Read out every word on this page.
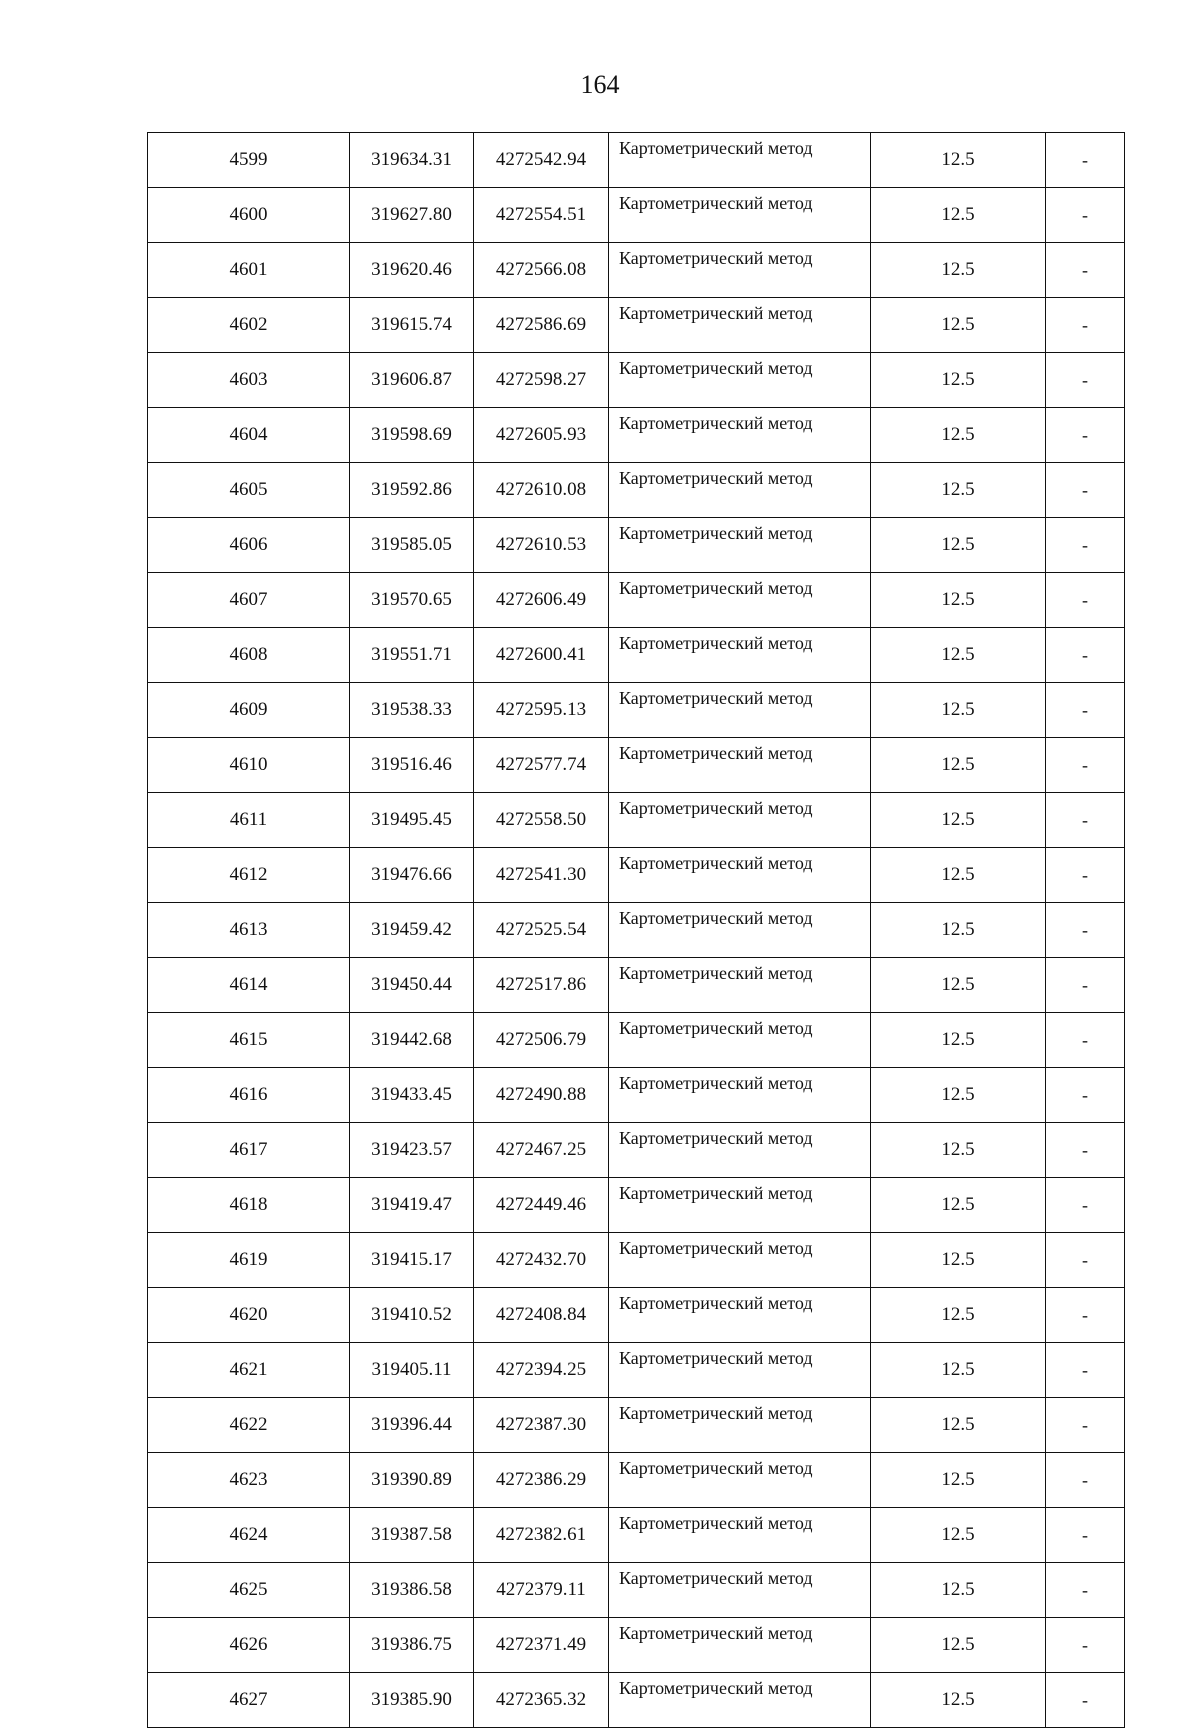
164
4599	319634.31	4272542.94	Картометрический метод	12.5	-
4600	319627.80	4272554.51	Картометрический метод	12.5	-
4601	319620.46	4272566.08	Картометрический метод	12.5	-
4602	319615.74	4272586.69	Картометрический метод	12.5	-
4603	319606.87	4272598.27	Картометрический метод	12.5	-
4604	319598.69	4272605.93	Картометрический метод	12.5	-
4605	319592.86	4272610.08	Картометрический метод	12.5	-
4606	319585.05	4272610.53	Картометрический метод	12.5	-
4607	319570.65	4272606.49	Картометрический метод	12.5	-
4608	319551.71	4272600.41	Картометрический метод	12.5	-
4609	319538.33	4272595.13	Картометрический метод	12.5	-
4610	319516.46	4272577.74	Картометрический метод	12.5	-
4611	319495.45	4272558.50	Картометрический метод	12.5	-
4612	319476.66	4272541.30	Картометрический метод	12.5	-
4613	319459.42	4272525.54	Картометрический метод	12.5	-
4614	319450.44	4272517.86	Картометрический метод	12.5	-
4615	319442.68	4272506.79	Картометрический метод	12.5	-
4616	319433.45	4272490.88	Картометрический метод	12.5	-
4617	319423.57	4272467.25	Картометрический метод	12.5	-
4618	319419.47	4272449.46	Картометрический метод	12.5	-
4619	319415.17	4272432.70	Картометрический метод	12.5	-
4620	319410.52	4272408.84	Картометрический метод	12.5	-
4621	319405.11	4272394.25	Картометрический метод	12.5	-
4622	319396.44	4272387.30	Картометрический метод	12.5	-
4623	319390.89	4272386.29	Картометрический метод	12.5	-
4624	319387.58	4272382.61	Картометрический метод	12.5	-
4625	319386.58	4272379.11	Картометрический метод	12.5	-
4626	319386.75	4272371.49	Картометрический метод	12.5	-
4627	319385.90	4272365.32	Картометрический метод	12.5	-
